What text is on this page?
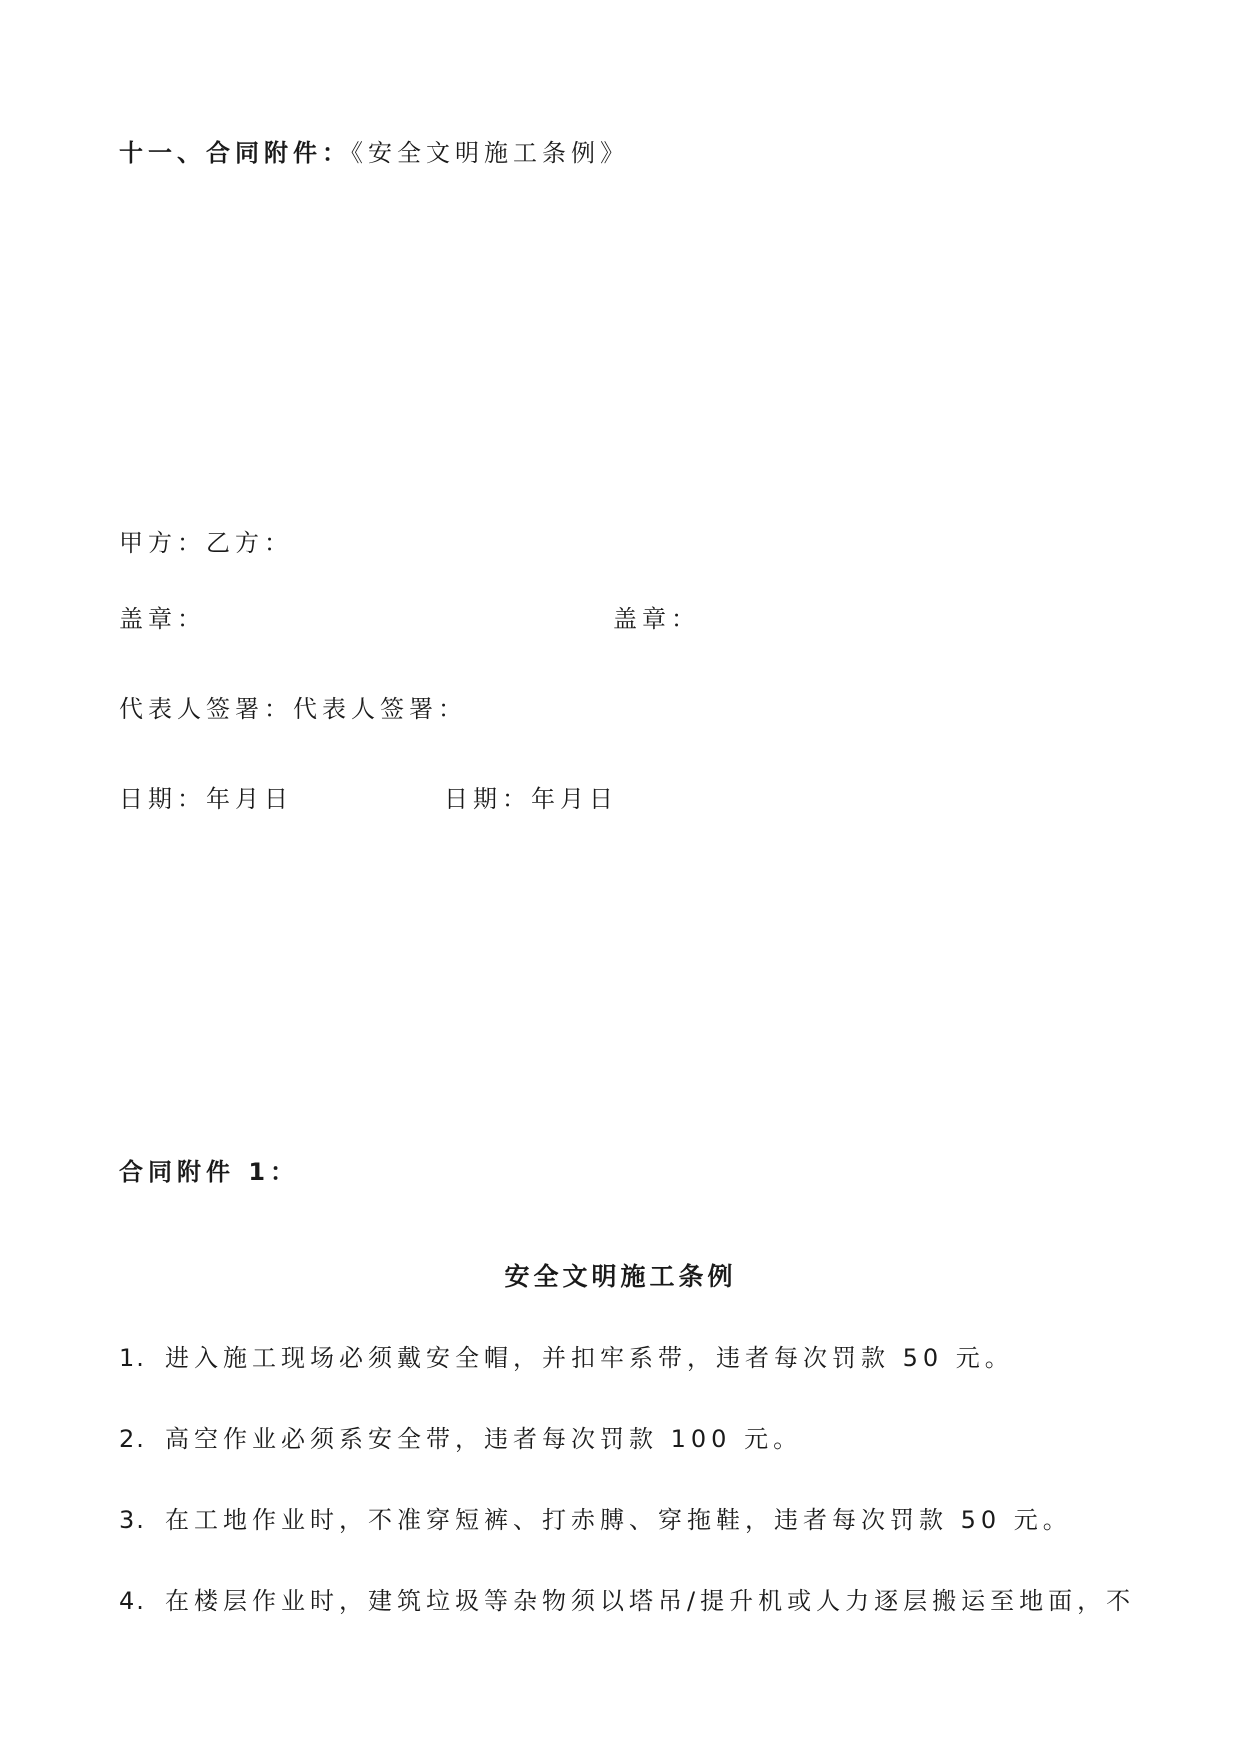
十一、合同附件：《安全文明施工条例》
甲方：乙方：
盖章：	盖章：
代表人签署：代表人签署：
日期：年月日	日期：年月日
合同附件 1：
安全文明施工条例
1. 进入施工现场必须戴安全帽，并扣牢系带，违者每次罚款 50 元。
2. 高空作业必须系安全带，违者每次罚款 100 元。
3. 在工地作业时，不准穿短裤、打赤膊、穿拖鞋，违者每次罚款 50 元。
4. 在楼层作业时，建筑垃圾等杂物须以塔吊/提升机或人力逐层搬运至地面，不
